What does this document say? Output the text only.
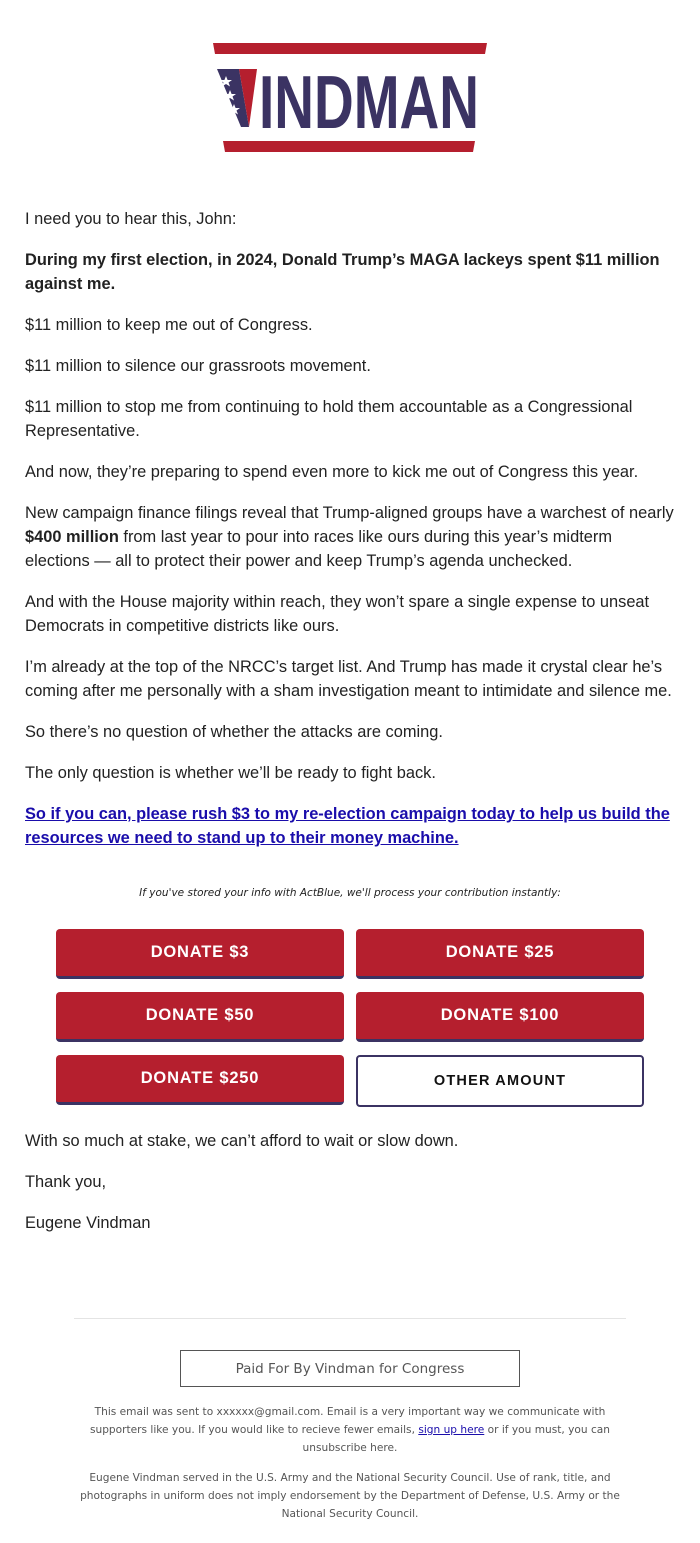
INDMAN

I need you to hear this, John:

During my first election, in 2024, Donald Trump’s MAGA lackeys spent $11 million against me.

$11 million to keep me out of Congress.

$11 million to silence our grassroots movement.

$11 million to stop me from continuing to hold them accountable as a Congressional Representative.

And now, they’re preparing to spend even more to kick me out of Congress this year.

New campaign finance filings reveal that Trump-aligned groups have a warchest of nearly $400 million from last year to pour into races like ours during this year’s midterm elections — all to protect their power and keep Trump’s agenda unchecked.

And with the House majority within reach, they won’t spare a single expense to unseat Democrats in competitive districts like ours.

I’m already at the top of the NRCC’s target list. And Trump has made it crystal clear he’s coming after me personally with a sham investigation meant to intimidate and silence me.

So there’s no question of whether the attacks are coming.

The only question is whether we’ll be ready to fight back.

So if you can, please rush $3 to my re-election campaign today to help us build the resources we need to stand up to their money machine.

If you've stored your info with ActBlue, we'll process your contribution instantly:
DONATE $3	DONATE $25
DONATE $50	DONATE $100
DONATE $250	OTHER AMOUNT

With so much at stake, we can’t afford to wait or slow down.

Thank you,

Eugene Vindman

Paid For By Vindman for Congress
This email was sent to xxxxxx@gmail.com. Email is a very important way we communicate with supporters like you. If you would like to recieve fewer emails, sign up here or if you must, you can unsubscribe here.
Eugene Vindman served in the U.S. Army and the National Security Council. Use of rank, title, and photographs in uniform does not imply endorsement by the Department of Defense, U.S. Army or the National Security Council.
